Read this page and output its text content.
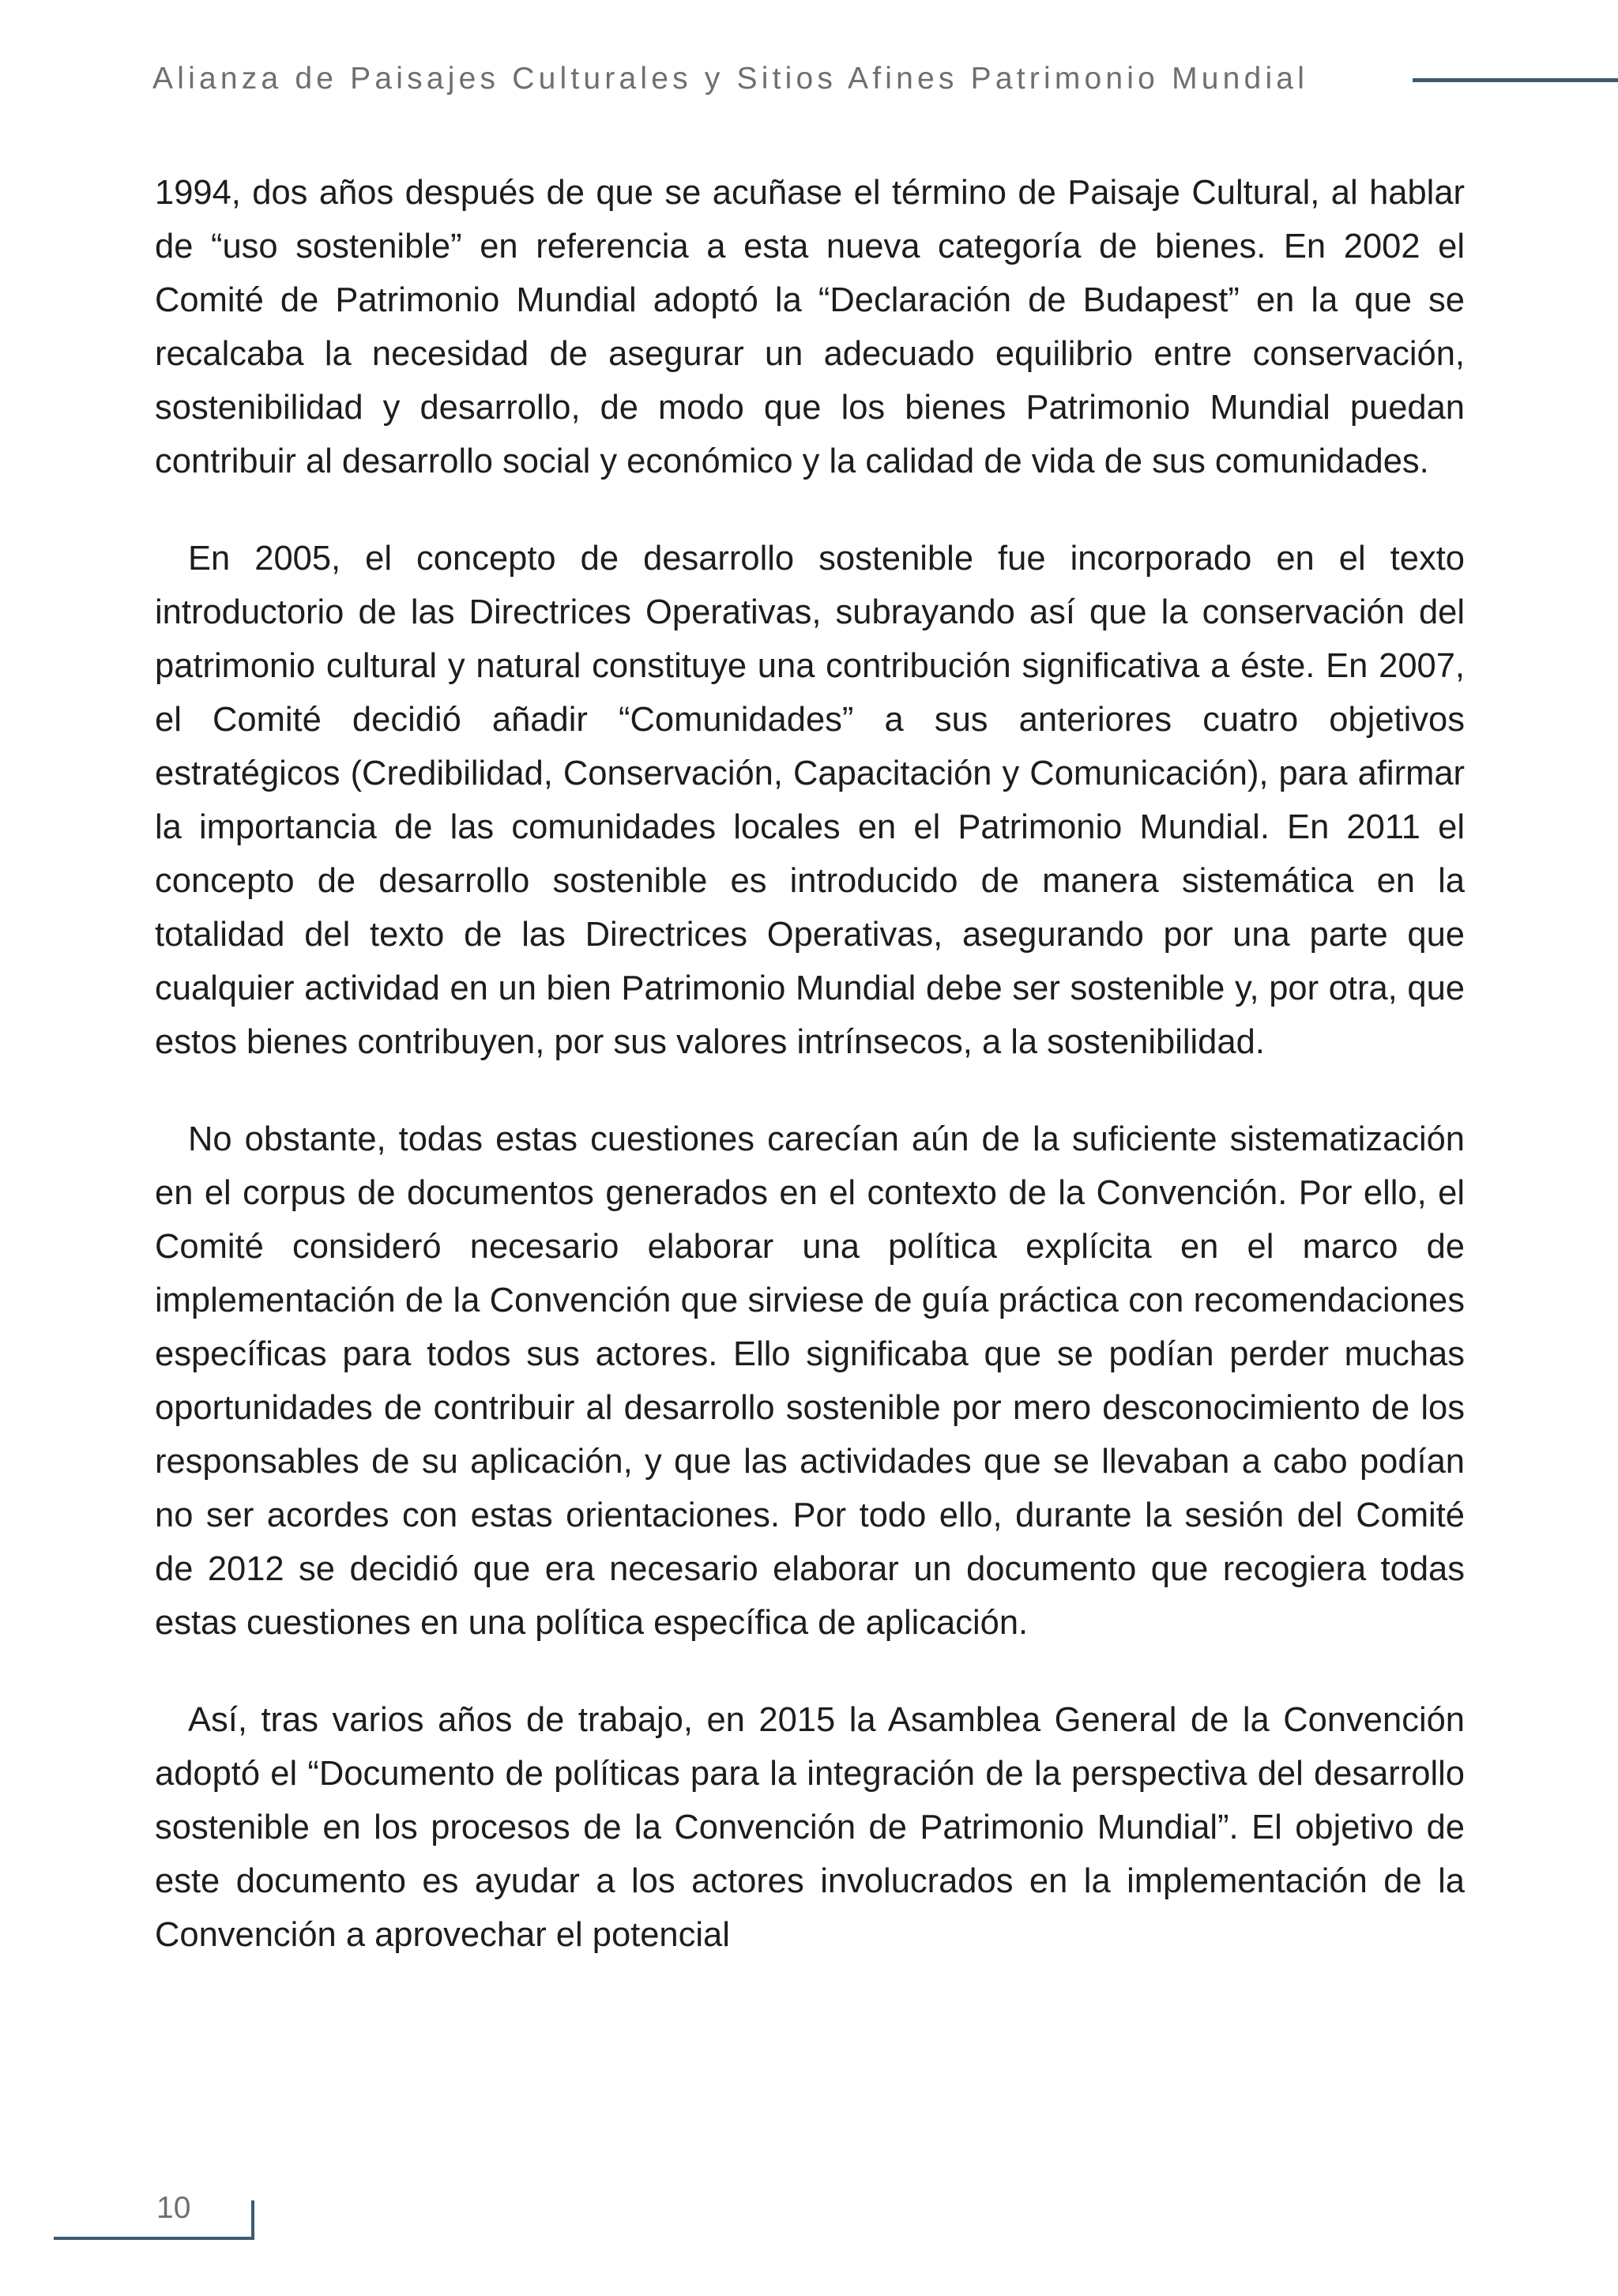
Alianza de Paisajes Culturales y Sitios Afines Patrimonio Mundial

1994, dos años después de que se acuñase el término de Paisaje Cultural, al hablar de “uso sostenible” en referencia a esta nueva categoría de bienes. En 2002 el Comité de Patrimonio Mundial adoptó la “Declaración de Budapest” en la que se recalcaba la necesidad de asegurar un adecuado equilibrio entre conservación, sostenibilidad y desarrollo, de modo que los bienes Patrimonio Mundial puedan contribuir al desarrollo social y económico y la calidad de vida de sus comunidades.

En 2005, el concepto de desarrollo sostenible fue incorporado en el texto introductorio de las Directrices Operativas, subrayando así que la conservación del patrimonio cultural y natural constituye una contribución significativa a éste. En 2007, el Comité decidió añadir “Comunidades” a sus anteriores cuatro objetivos estratégicos (Credibilidad, Conservación, Capacitación y Comunicación), para afirmar la importancia de las comunidades locales en el Patrimonio Mundial. En 2011 el concepto de desarrollo sostenible es introducido de manera sistemática en la totalidad del texto de las Directrices Operativas, asegurando por una parte que cualquier actividad en un bien Patrimonio Mundial debe ser sostenible y, por otra, que estos bienes contribuyen, por sus valores intrínsecos, a la sostenibilidad.

No obstante, todas estas cuestiones carecían aún de la suficiente sistematización en el corpus de documentos generados en el contexto de la Convención. Por ello, el Comité consideró necesario elaborar una política explícita en el marco de implementación de la Convención que sirviese de guía práctica con recomendaciones específicas para todos sus actores. Ello significaba que se podían perder muchas oportunidades de contribuir al desarrollo sostenible por mero desconocimiento de los responsables de su aplicación, y que las actividades que se llevaban a cabo podían no ser acordes con estas orientaciones. Por todo ello, durante la sesión del Comité de 2012 se decidió que era necesario elaborar un documento que recogiera todas estas cuestiones en una política específica de aplicación.

Así, tras varios años de trabajo, en 2015 la Asamblea General de la Convención adoptó el “Documento de políticas para la integración de la perspectiva del desarrollo sostenible en los procesos de la Convención de Patrimonio Mundial”. El objetivo de este documento es ayudar a los actores involucrados en la implementación de la Convención a aprovechar el potencial

10
